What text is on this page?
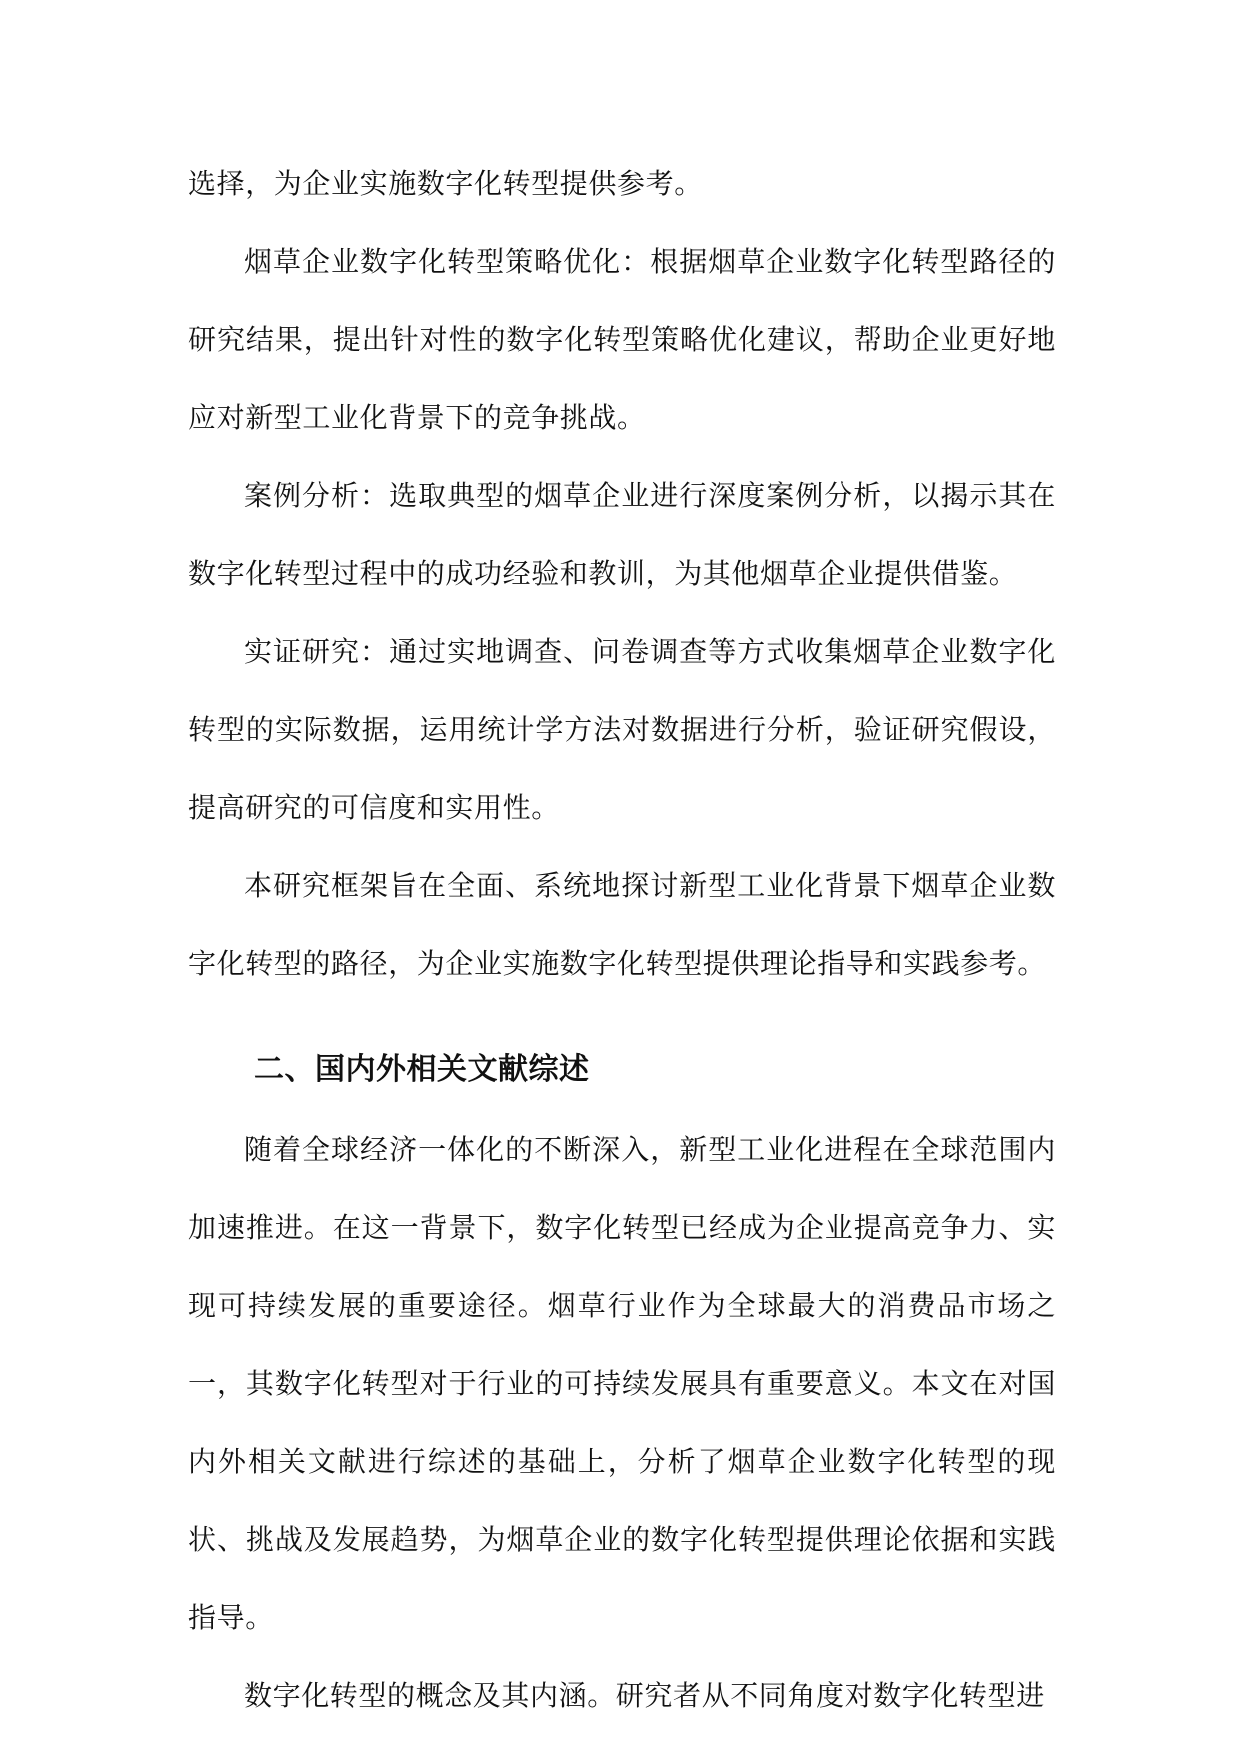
选择，为企业实施数字化转型提供参考。

烟草企业数字化转型策略优化：根据烟草企业数字化转型路径的研究结果，提出针对性的数字化转型策略优化建议，帮助企业更好地应对新型工业化背景下的竞争挑战。

案例分析：选取典型的烟草企业进行深度案例分析，以揭示其在数字化转型过程中的成功经验和教训，为其他烟草企业提供借鉴。

实证研究：通过实地调查、问卷调查等方式收集烟草企业数字化转型的实际数据，运用统计学方法对数据进行分析，验证研究假设，提高研究的可信度和实用性。

本研究框架旨在全面、系统地探讨新型工业化背景下烟草企业数字化转型的路径，为企业实施数字化转型提供理论指导和实践参考。

二、国内外相关文献综述

随着全球经济一体化的不断深入，新型工业化进程在全球范围内加速推进。在这一背景下，数字化转型已经成为企业提高竞争力、实现可持续发展的重要途径。烟草行业作为全球最大的消费品市场之一，其数字化转型对于行业的可持续发展具有重要意义。本文在对国内外相关文献进行综述的基础上，分析了烟草企业数字化转型的现状、挑战及发展趋势，为烟草企业的数字化转型提供理论依据和实践指导。

数字化转型的概念及其内涵。研究者从不同角度对数字化转型进
